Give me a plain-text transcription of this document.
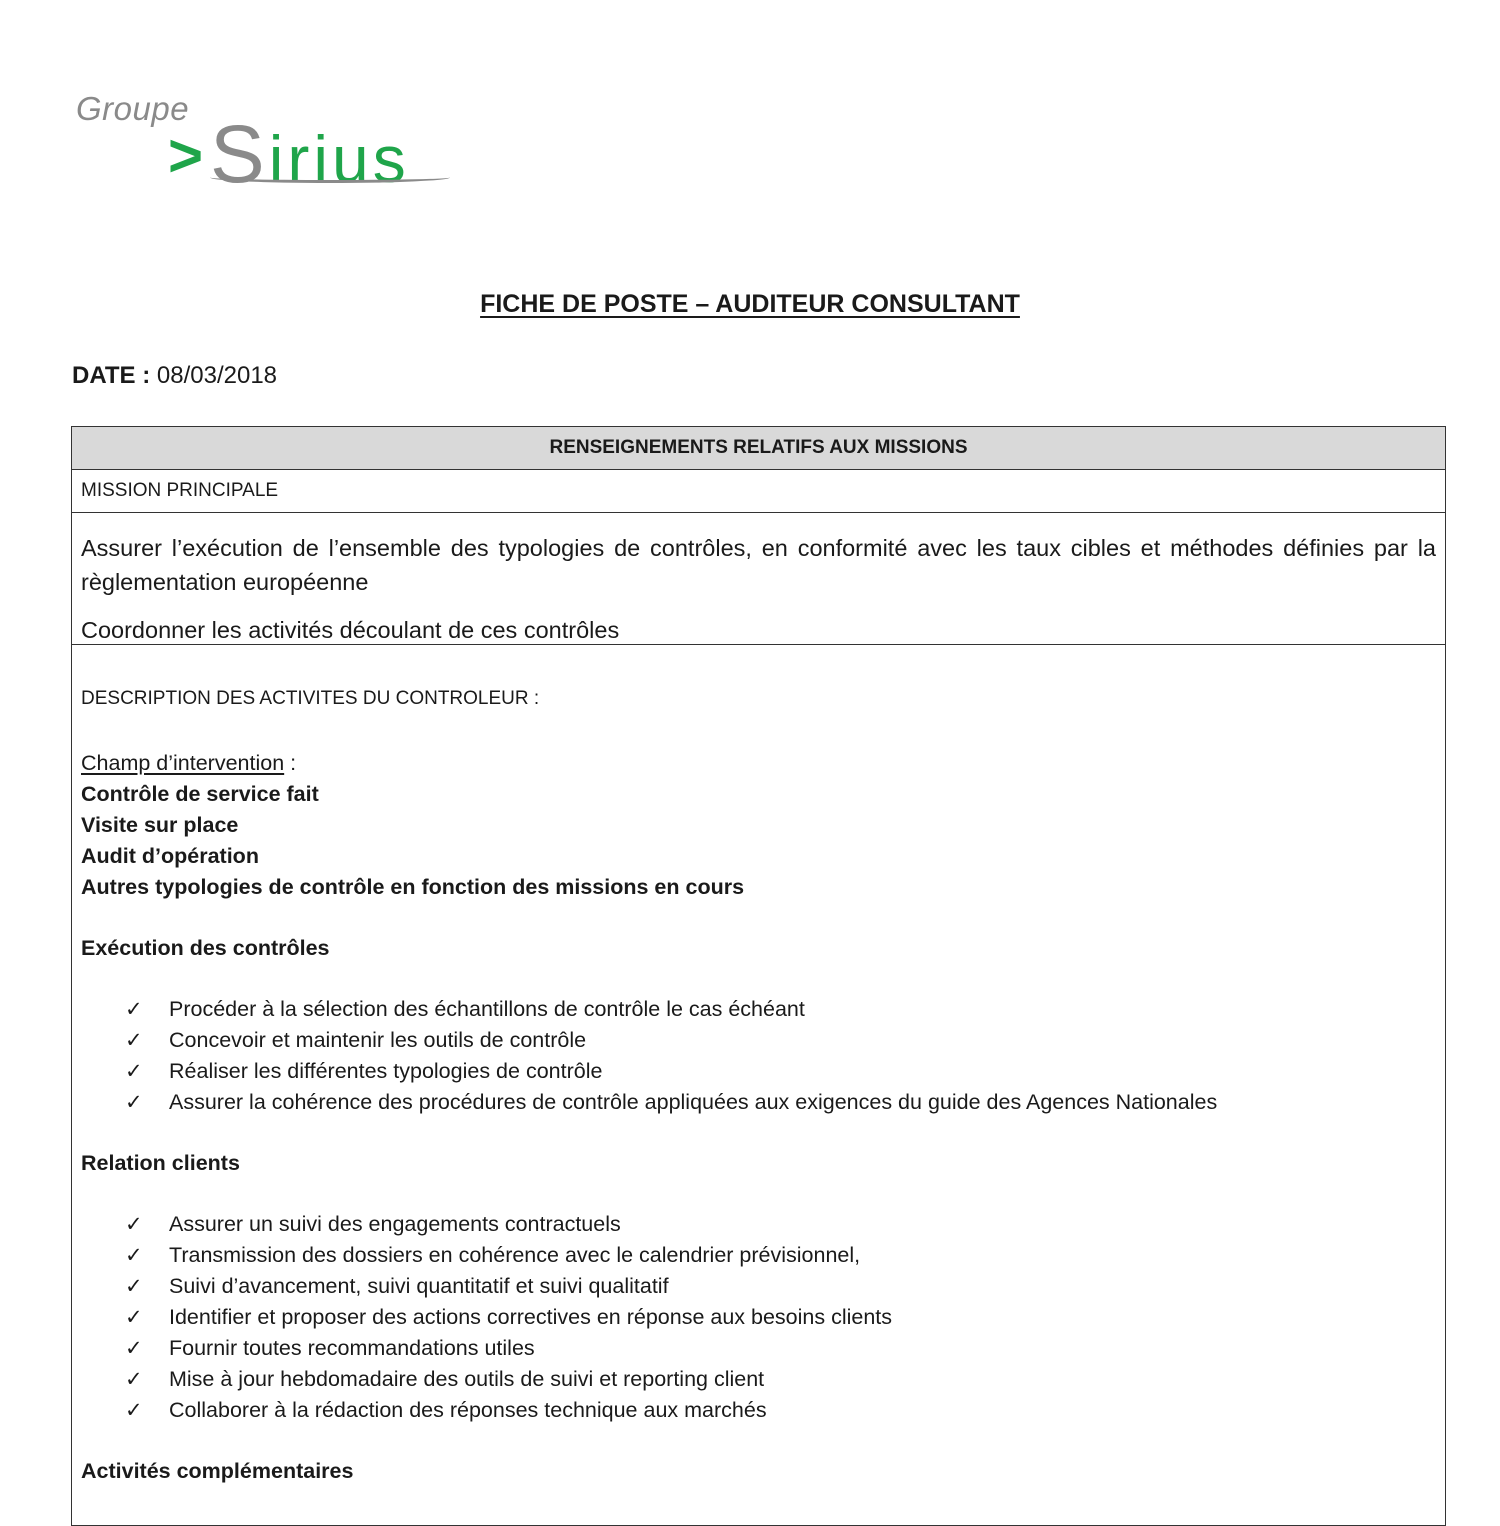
Groupe
> Sirius
FICHE DE POSTE – AUDITEUR CONSULTANT
DATE : 08/03/2018
RENSEIGNEMENTS RELATIFS AUX MISSIONS
MISSION PRINCIPALE

Assurer l’exécution de l’ensemble des typologies de contrôles, en conformité avec les taux cibles et méthodes définies par la règlementation européenne

Coordonner les activités découlant de ces contrôles

DESCRIPTION DES ACTIVITES DU CONTROLEUR :
Champ d’intervention :
Contrôle de service fait
Visite sur place
Audit d’opération
Autres typologies de contrôle en fonction des missions en cours
Exécution des contrôles
✓ Procéder à la sélection des échantillons de contrôle le cas échéant
✓ Concevoir et maintenir les outils de contrôle
✓ Réaliser les différentes typologies de contrôle
✓ Assurer la cohérence des procédures de contrôle appliquées aux exigences du guide des Agences Nationales
Relation clients
✓ Assurer un suivi des engagements contractuels
✓ Transmission des dossiers en cohérence avec le calendrier prévisionnel,
✓ Suivi d’avancement, suivi quantitatif et suivi qualitatif
✓ Identifier et proposer des actions correctives en réponse aux besoins clients
✓ Fournir toutes recommandations utiles
✓ Mise à jour hebdomadaire des outils de suivi et reporting client
✓ Collaborer à la rédaction des réponses technique aux marchés
Activités complémentaires
